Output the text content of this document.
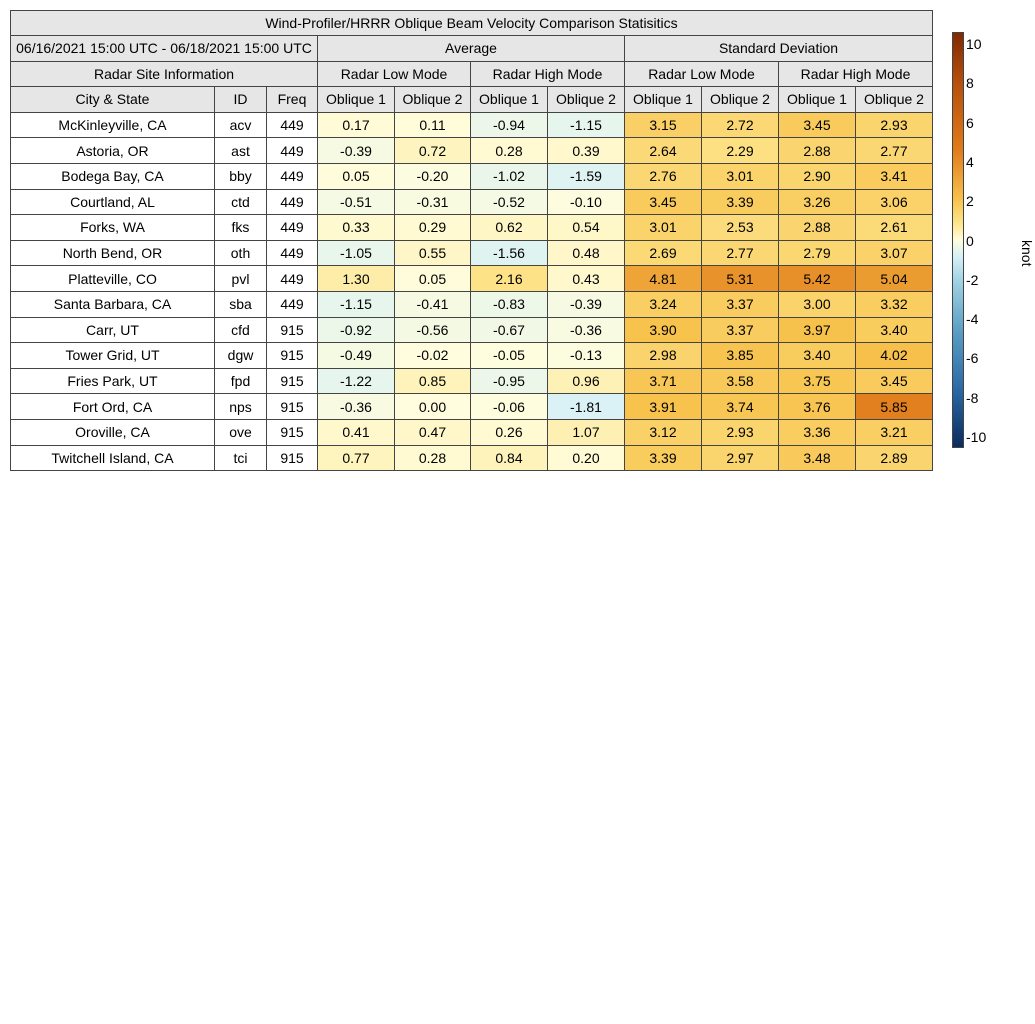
Wind-Profiler/HRRR Oblique Beam Velocity Comparison Statisitics										
06/16/2021 15:00 UTC - 06/18/2021 15:00 UTC			Average				Standard Deviation			
Radar Site Information			Radar Low Mode		Radar High Mode		Radar Low Mode		Radar High Mode	
City & State	ID	Freq	Oblique 1	Oblique 2	Oblique 1	Oblique 2	Oblique 1	Oblique 2	Oblique 1	Oblique 2
McKinleyville, CA	acv	449	0.17	0.11	-0.94	-1.15	3.15	2.72	3.45	2.93
Astoria, OR	ast	449	-0.39	0.72	0.28	0.39	2.64	2.29	2.88	2.77
Bodega Bay, CA	bby	449	0.05	-0.20	-1.02	-1.59	2.76	3.01	2.90	3.41
Courtland, AL	ctd	449	-0.51	-0.31	-0.52	-0.10	3.45	3.39	3.26	3.06
Forks, WA	fks	449	0.33	0.29	0.62	0.54	3.01	2.53	2.88	2.61
North Bend, OR	oth	449	-1.05	0.55	-1.56	0.48	2.69	2.77	2.79	3.07
Platteville, CO	pvl	449	1.30	0.05	2.16	0.43	4.81	5.31	5.42	5.04
Santa Barbara, CA	sba	449	-1.15	-0.41	-0.83	-0.39	3.24	3.37	3.00	3.32
Carr, UT	cfd	915	-0.92	-0.56	-0.67	-0.36	3.90	3.37	3.97	3.40
Tower Grid, UT	dgw	915	-0.49	-0.02	-0.05	-0.13	2.98	3.85	3.40	4.02
Fries Park, UT	fpd	915	-1.22	0.85	-0.95	0.96	3.71	3.58	3.75	3.45
Fort Ord, CA	nps	915	-0.36	0.00	-0.06	-1.81	3.91	3.74	3.76	5.85
Oroville, CA	ove	915	0.41	0.47	0.26	1.07	3.12	2.93	3.36	3.21
Twitchell Island, CA	tci	915	0.77	0.28	0.84	0.20	3.39	2.97	3.48	2.89
10
8
6
4
2
0
-2
-4
-6
-8
-10
knot
